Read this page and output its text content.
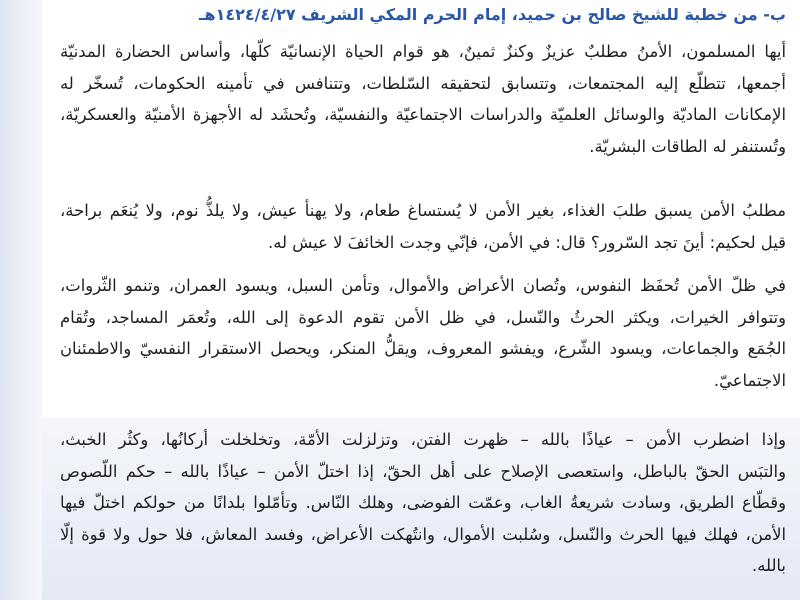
ب- من خطبة للشيخ صالح بن حميد، إمام الحرم المكي الشريف ١٤٢٤/٤/٢٧هـ
أيها المسلمون، الأمنُ مطلبٌ عزيزٌ وكنزٌ ثمينٌ، هو قوام الحياة الإنسانيّة كلّها، وأساس الحضارة المدنيّة
أجمعها، تتطلّع إليه المجتمعات، وتتسابق لتحقيقه السّلطات، وتتنافس في تأمينه الحكومات، تُسخّر له
الإمكانات الماديّة والوسائل العلميّة والدراسات الاجتماعيّة والنفسيّة، وتُحشَد له الأجهزة الأمنيّة والعسكريّة،
وتُستنفر له الطاقات البشريّة.
مطلبُ الأمن يسبق طلبَ الغذاء، بغير الأمن لا يُستساغ طعام، ولا يهنأ عيش، ولا يلذُّ نوم، ولا يُنعَم براحة،
قيل لحكيم: أينَ تجد السّرور؟ قال: في الأمن، فإنّي وجدت الخائفَ لا عيش له.
في ظلّ الأمن تُحفَظ النفوس، وتُصان الأعراض والأموال، وتأمن السبل، ويسود العمران، وتنمو الثّروات،
وتتوافر الخيرات، ويكثر الحرثُ والنّسل، في ظل الأمن تقوم الدعوة إلى الله، وتُعمَر المساجد، وتُقام
الجُمَع والجماعات، ويسود الشّرع، ويفشو المعروف، ويقلُّ المنكر، ويحصل الاستقرار النفسيّ والاطمئنان
الاجتماعيّ.
وإذا اضطرب الأمن – عياذًا بالله – ظهرت الفتن، وتزلزلت الأمّة، وتخلخلت أركانُها، وكثُر الخبث،
والتبَس الحقّ بالباطل، واستعصى الإصلاح على أهل الحقّ، إذا اختلّ الأمن – عياذًا بالله – حكم اللّصوص
وقطّاع الطريق، وسادت شريعةُ الغاب، وعمّت الفوضى، وهلك النّاس. وتأمّلوا بلدانًا من حولكم اختلّ فيها
الأمن، فهلك فيها الحرث والنّسل، وسُلبت الأموال، وانتُهكت الأعراض، وفسد المعاش، فلا حول ولا قوة إلّا
بالله.
